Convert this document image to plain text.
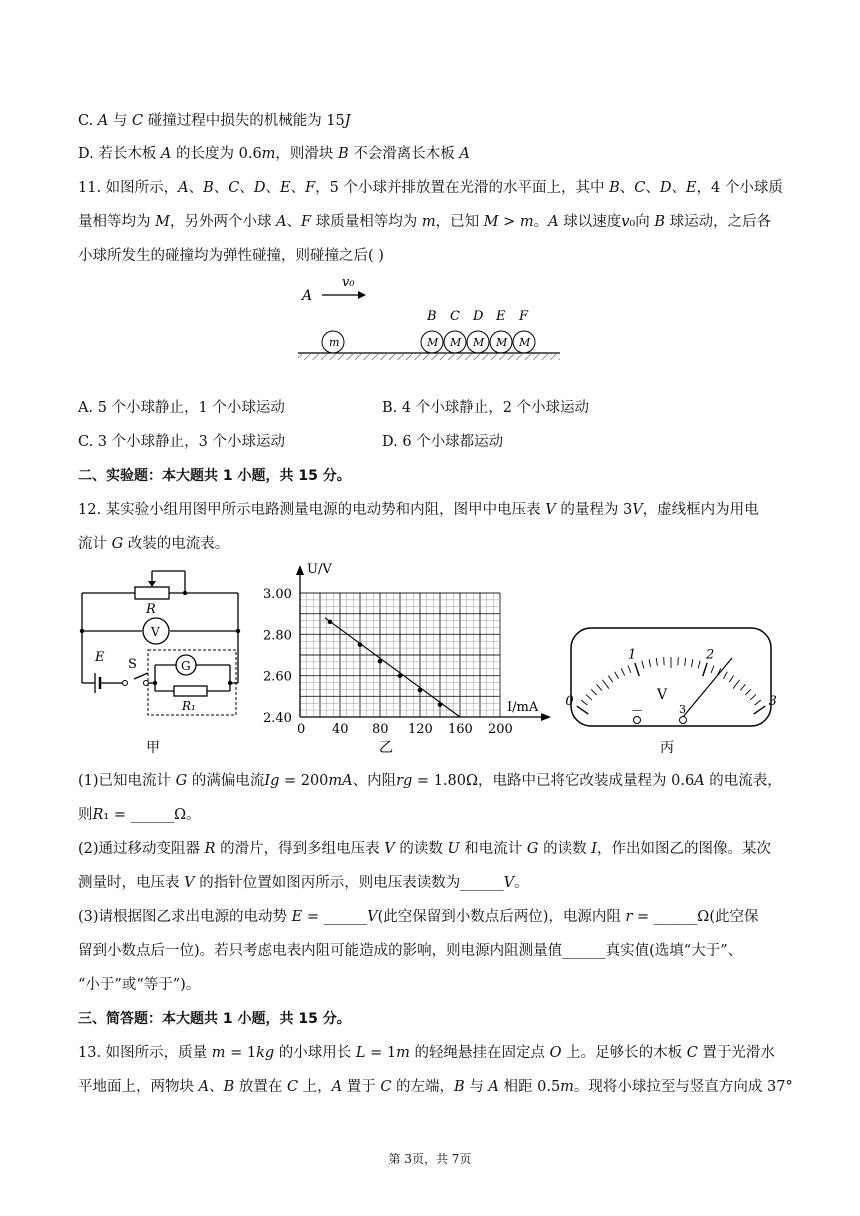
C. 𝐴 与 𝐶 碰撞过程中损失的机械能为 15𝐽
D. 若长木板 𝐴 的长度为 0.6𝑚，则滑块 𝐵 不会滑离长木板 𝐴
11. 如图所示，𝐴、𝐵、𝐶、𝐷、𝐸、𝐹，5 个小球并排放置在光滑的水平面上，其中 𝐵、𝐶、𝐷、𝐸，4 个小球质
量相等均为 𝑀，另外两个小球 𝐴、𝐹 球质量相等均为 𝑚，已知 𝑀 > 𝑚。𝐴 球以速度𝑣₀向 𝐵 球运动，之后各
小球所发生的碰撞均为弹性碰撞，则碰撞之后( )
A
v₀
m	M
B
M
C
M
D
M
E
M
F
A. 5 个小球静止，1 个小球运动	B. 4 个小球静止，2 个小球运动
C. 3 个小球静止，3 个小球运动	D. 6 个小球都运动
二、实验题：本大题共 1 小题，共 15 分。
12. 某实验小组用图甲所示电路测量电源的电动势和内阻，图甲中电压表 𝑉 的量程为 3𝑉，虚线框内为用电
流计 𝐺 改装的电流表。
R
V
E S	G
R₁
甲
3.00
2.80
2.60
2.40
0 40 80 120 160 200
U/V
I/mA
乙
0
1	2
3
V
—	3
丙
(1)已知电流计 𝐺 的满偏电流𝐼𝑔 = 200𝑚𝐴、内阻𝑟𝑔 = 1.80Ω，电路中已将它改装成量程为 0.6𝐴 的电流表，
则𝑅₁ = ______Ω。
(2)通过移动变阻器 𝑅 的滑片，得到多组电压表 𝑉 的读数 𝑈 和电流计 𝐺 的读数 𝐼，作出如图乙的图像。某次
测量时，电压表 𝑉 的指针位置如图丙所示，则电压表读数为______𝑉。
(3)请根据图乙求出电源的电动势 𝐸 = ______𝑉(此空保留到小数点后两位)，电源内阻 𝑟 = ______Ω(此空保
留到小数点后一位)。若只考虑电表内阻可能造成的影响，则电源内阻测量值______真实值(选填“大于”、
“小于”或“等于”)。
三、简答题：本大题共 1 小题，共 15 分。
13. 如图所示，质量 𝑚 = 1𝑘𝑔 的小球用长 𝐿 = 1𝑚 的轻绳悬挂在固定点 𝑂 上。足够长的木板 𝐶 置于光滑水
平地面上，两物块 𝐴、𝐵 放置在 𝐶 上，𝐴 置于 𝐶 的左端，𝐵 与 𝐴 相距 0.5𝑚。现将小球拉至与竖直方向成 37°
第 3页，共 7页
